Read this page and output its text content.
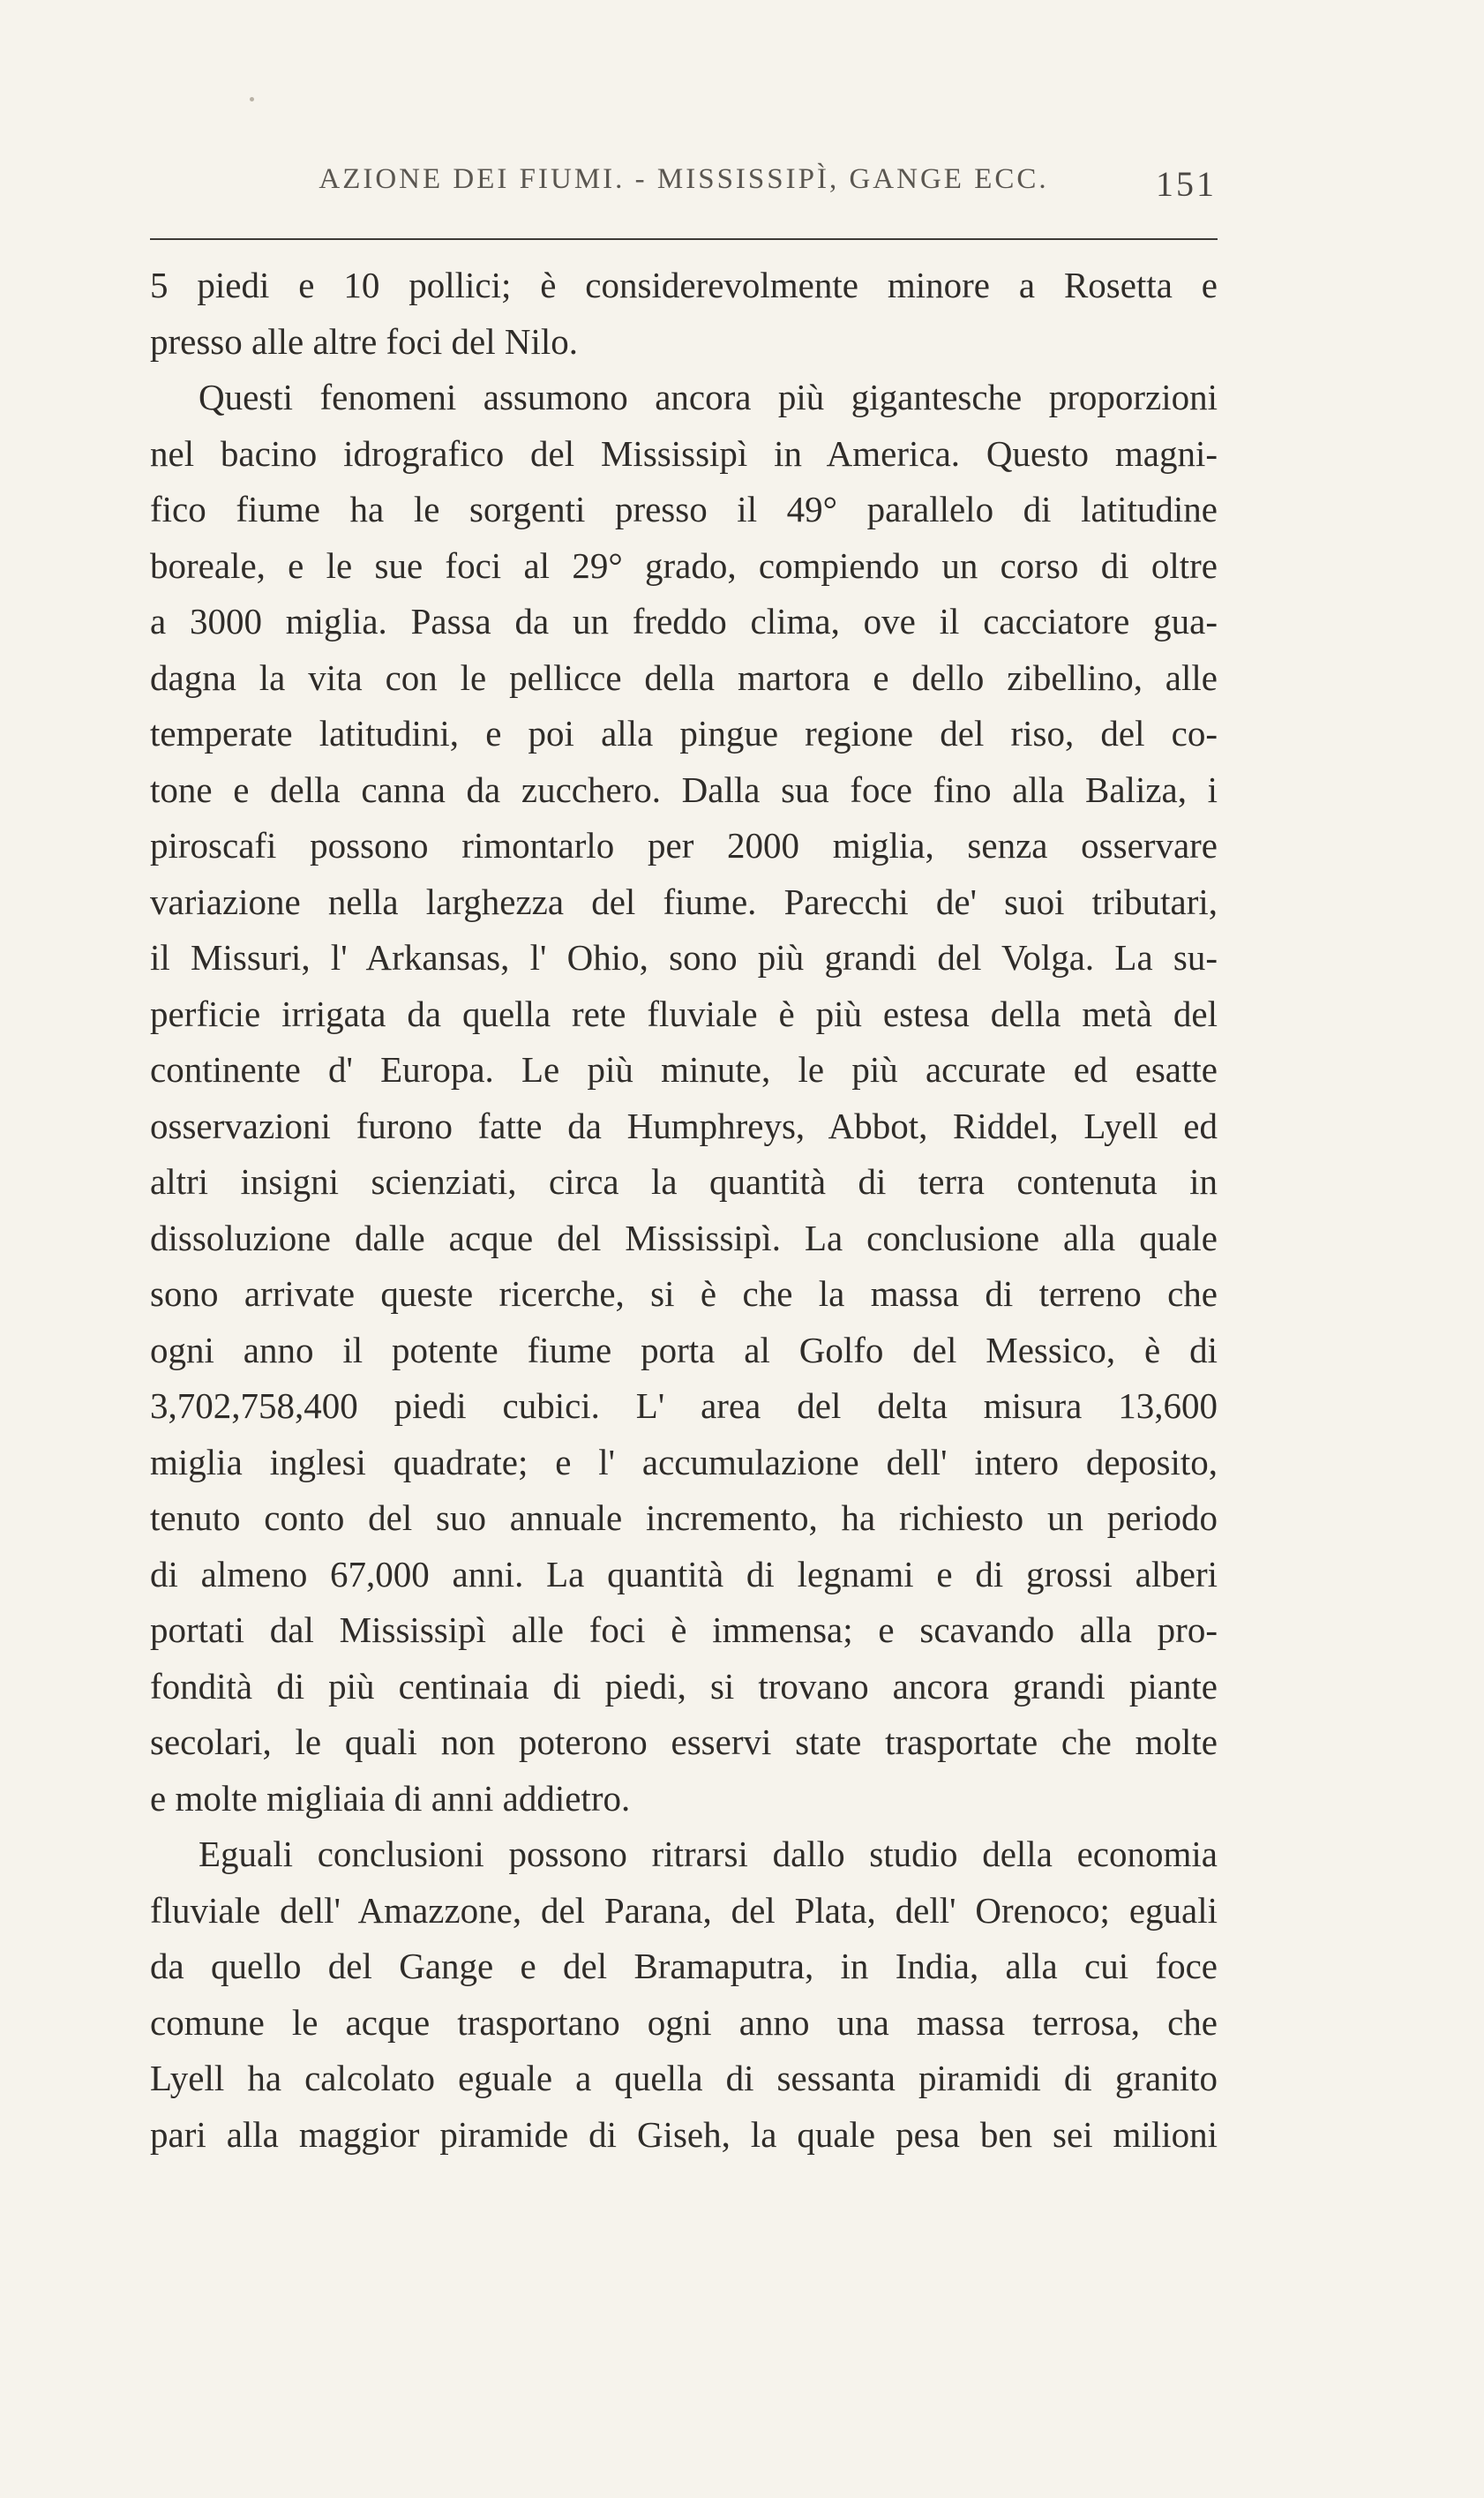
AZIONE DEI FIUMI. - MISSISSIPÌ, GANGE ECC.	151
5 piedi e 10 pollici; è considerevolmente minore a Rosetta e
presso alle altre foci del Nilo.
Questi fenomeni assumono ancora più gigantesche proporzioni
nel bacino idrografico del Mississipì in America. Questo magni-
fico fiume ha le sorgenti presso il 49° parallelo di latitudine
boreale, e le sue foci al 29° grado, compiendo un corso di oltre
a 3000 miglia. Passa da un freddo clima, ove il cacciatore gua-
dagna la vita con le pellicce della martora e dello zibellino, alle
temperate latitudini, e poi alla pingue regione del riso, del co-
tone e della canna da zucchero. Dalla sua foce fino alla Baliza, i
piroscafi possono rimontarlo per 2000 miglia, senza osservare
variazione nella larghezza del fiume. Parecchi de' suoi tributari,
il Missuri, l' Arkansas, l' Ohio, sono più grandi del Volga. La su-
perficie irrigata da quella rete fluviale è più estesa della metà del
continente d' Europa. Le più minute, le più accurate ed esatte
osservazioni furono fatte da Humphreys, Abbot, Riddel, Lyell ed
altri insigni scienziati, circa la quantità di terra contenuta in
dissoluzione dalle acque del Mississipì. La conclusione alla quale
sono arrivate queste ricerche, si è che la massa di terreno che
ogni anno il potente fiume porta al Golfo del Messico, è di
3,702,758,400 piedi cubici. L' area del delta misura 13,600
miglia inglesi quadrate; e l' accumulazione dell' intero deposito,
tenuto conto del suo annuale incremento, ha richiesto un periodo
di almeno 67,000 anni. La quantità di legnami e di grossi alberi
portati dal Mississipì alle foci è immensa; e scavando alla pro-
fondità di più centinaia di piedi, si trovano ancora grandi piante
secolari, le quali non poterono esservi state trasportate che molte
e molte migliaia di anni addietro.
Eguali conclusioni possono ritrarsi dallo studio della economia
fluviale dell' Amazzone, del Parana, del Plata, dell' Orenoco; eguali
da quello del Gange e del Bramaputra, in India, alla cui foce
comune le acque trasportano ogni anno una massa terrosa, che
Lyell ha calcolato eguale a quella di sessanta piramidi di granito
pari alla maggior piramide di Giseh, la quale pesa ben sei milioni
